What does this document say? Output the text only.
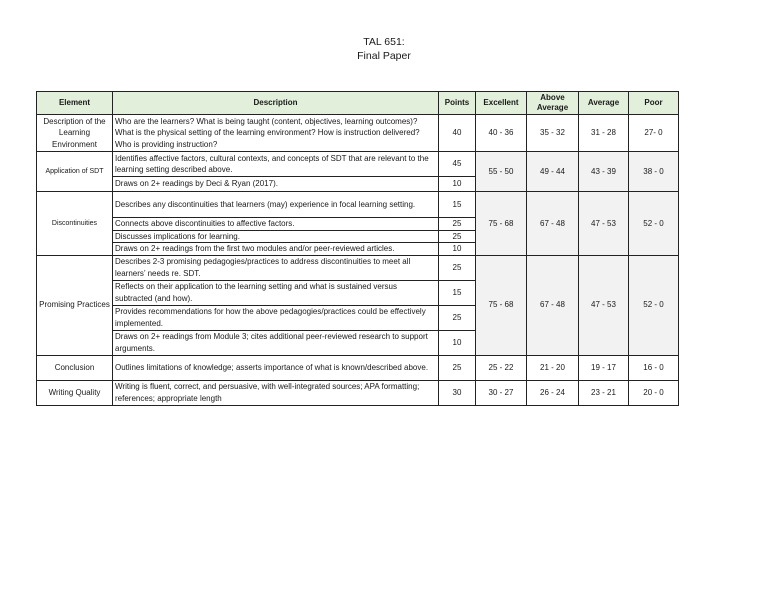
TAL 651:
Final Paper
Element	Description	Points	Excellent	Above Average	Average	Poor
Description of the Learning Environment	Who are the learners? What is being taught (content, objectives, learning outcomes)? What is the physical setting of the learning environment? How is instruction delivered? Who is providing instruction?	40	40 - 36	35 - 32	31 - 28	27- 0
Application of SDT	Identifies affective factors, cultural contexts, and concepts of SDT that are relevant to the learning setting described above.	45	55 - 50	49 - 44	43 - 39	38 - 0
	Draws on 2+ readings by Deci & Ryan (2017).	10				
Discontinuities	Describes any discontinuities that learners (may) experience in focal learning setting.	15	75 - 68	67 - 48	47 - 53	52 - 0
	Connects above discontinuities to affective factors.	25				
	Discusses implications for learning.	25				
	Draws on 2+ readings from the first two modules and/or peer-reviewed articles.	10				
Promising Practices	Describes 2-3 promising pedagogies/practices to address discontinuities to meet all learners’ needs re. SDT.	25	75 - 68	67 - 48	47 - 53	52 - 0
	Reflects on their application to the learning setting and what is sustained versus subtracted (and how).	15				
	Provides recommendations for how the above pedagogies/practices could be effectively implemented.	25				
	Draws on 2+ readings from Module 3; cites additional peer-reviewed research to support arguments.	10				
Conclusion	Outlines limitations of knowledge; asserts importance of what is known/described above.	25	25 - 22	21 - 20	19 - 17	16 - 0
Writing Quality	Writing is fluent, correct, and persuasive, with well-integrated sources; APA formatting; references; appropriate length	30	30 - 27	26 - 24	23 - 21	20 - 0
